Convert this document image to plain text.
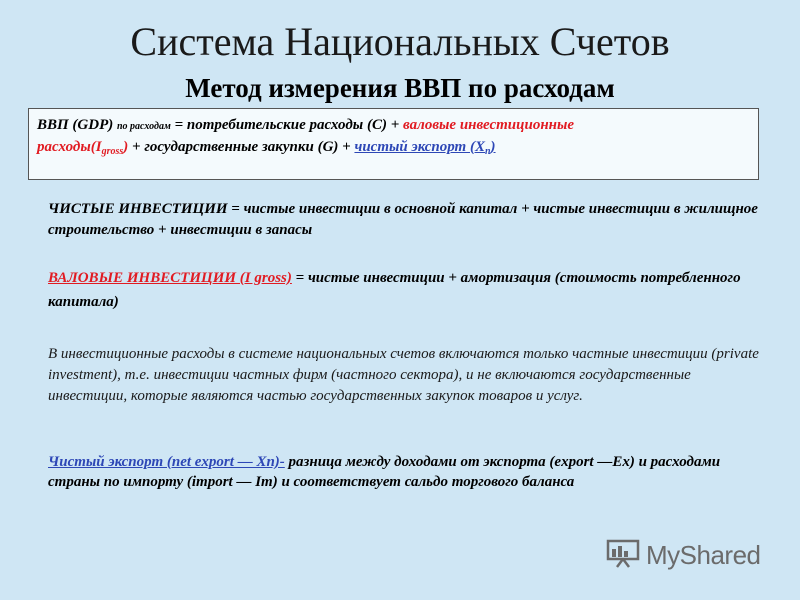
Система Национальных Счетов
Метод измерения ВВП по расходам
ВВП (GDP) по расходам = потребительские расходы (C) + валовые инвестиционные
$расходы(I_{gross})$ + государственные закупки (G) + чистый экспорт $(X_n)$
ЧИСТЫЕ ИНВЕСТИЦИИ = чистые инвестиции в основной капитал + чистые инвестиции в жилищное строительство + инвестиции в запасы
ВАЛОВЫЕ ИНВЕСТИЦИИ (I gross) = чистые инвестиции + амортизация (стоимость потребленного капитала)
В инвестиционные расходы в системе национальных счетов включаются только частные инвестиции (private investment), т.е. инвестиции частных фирм (частного сектора), и не включаются государственные инвестиции, которые являются частью государственных закупок товаров и услуг.
Чистый экспорт (net export — Xn)- разница между доходами от экспорта (export —Ex) и расходами страны по импорту (import — Im) и соответствует сальдо торгового баланса
MyShared
